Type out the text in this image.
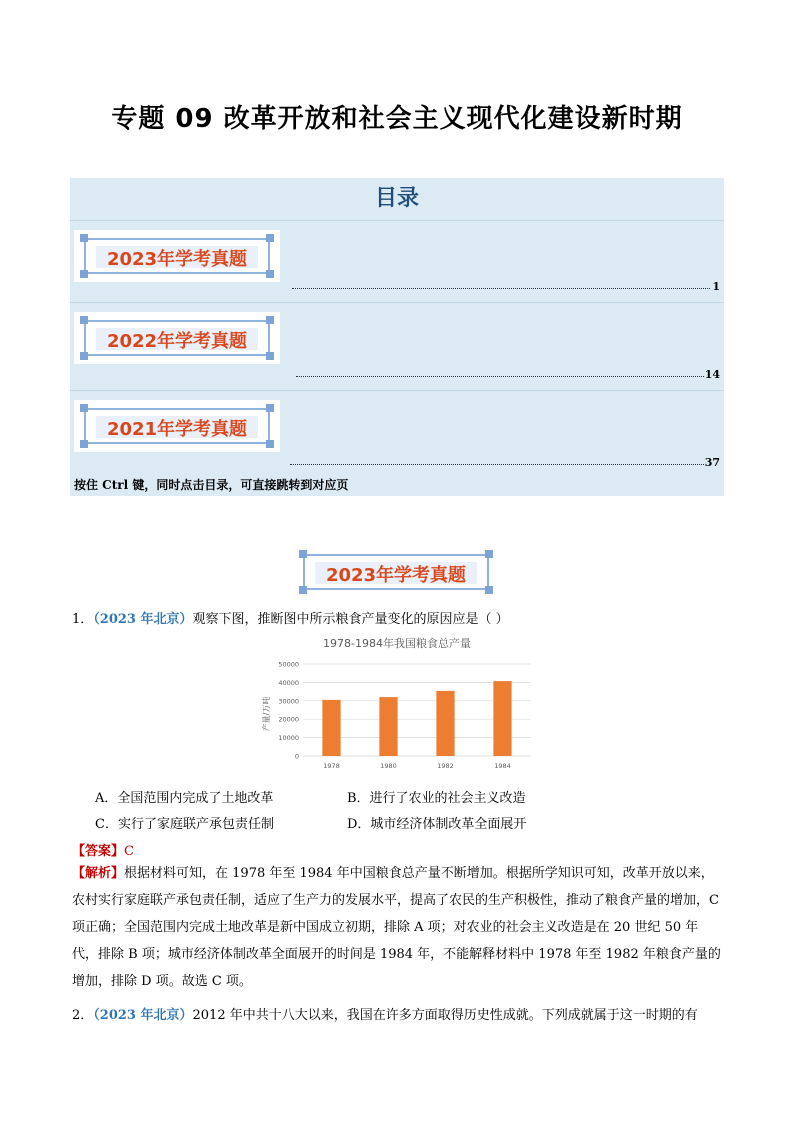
专题 09 改革开放和社会主义现代化建设新时期
目录
2023年学考真题
1
2022年学考真题
14
2021年学考真题
37
按住 Ctrl 键，同时点击目录，可直接跳转到对应页
2023年学考真题
1．（2023 年北京）观察下图，推断图中所示粮食产量变化的原因应是（ ）
1978-1984年我国粮食总产量
0
10000
20000
30000
40000
50000
1978	1980	1982	1984
产量/万吨
A．全国范围内完成了土地改革	B．进行了农业的社会主义改造
C．实行了家庭联产承包责任制	D．城市经济体制改革全面展开
【答案】C
【解析】根据材料可知，在 1978 年至 1984 年中国粮食总产量不断增加。根据所学知识可知，改革开放以来，农村实行家庭联产承包责任制，适应了生产力的发展水平，提高了农民的生产积极性，推动了粮食产量的增加，C 项正确；全国范围内完成土地改革是新中国成立初期，排除 A 项；对农业的社会主义改造是在 20 世纪 50 年代，排除 B 项；城市经济体制改革全面展开的时间是 1984 年，不能解释材料中 1978 年至 1982 年粮食产量的增加，排除 D 项。故选 C 项。
2．（2023 年北京）2012 年中共十八大以来，我国在许多方面取得历史性成就。下列成就属于这一时期的有
